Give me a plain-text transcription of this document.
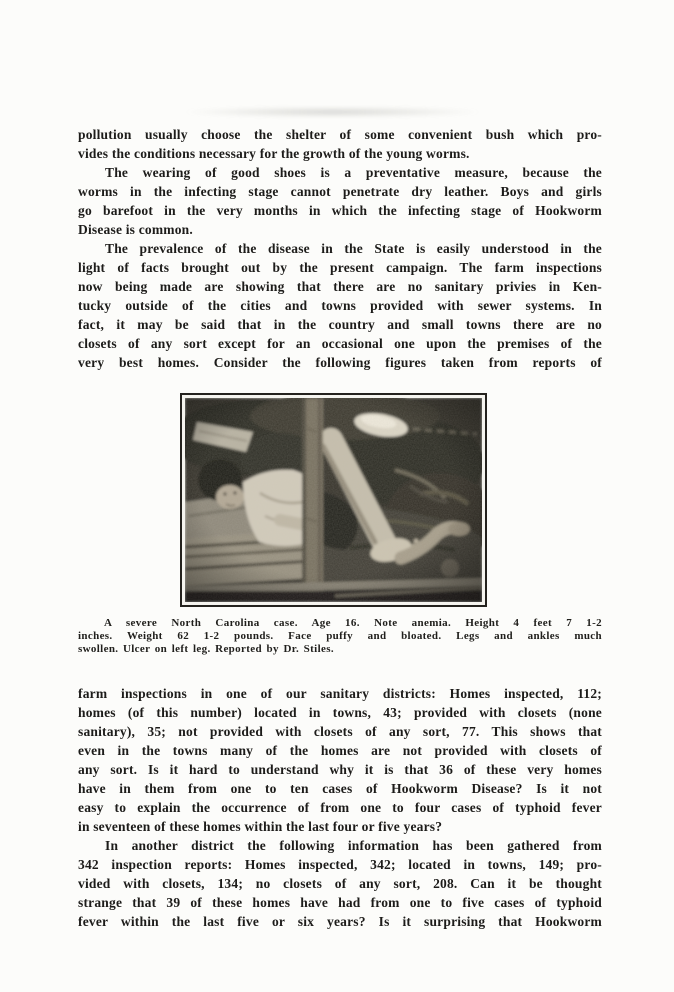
pollution usually choose the shelter of some convenient bush which pro-
vides the conditions necessary for the growth of the young worms.
The wearing of good shoes is a preventative measure, because the
worms in the infecting stage cannot penetrate dry leather. Boys and girls
go barefoot in the very months in which the infecting stage of Hookworm
Disease is common.
The prevalence of the disease in the State is easily understood in the
light of facts brought out by the present campaign. The farm inspections
now being made are showing that there are no sanitary privies in Ken-
tucky outside of the cities and towns provided with sewer systems. In
fact, it may be said that in the country and small towns there are no
closets of any sort except for an occasional one upon the premises of the
very best homes. Consider the following figures taken from reports of
A severe North Carolina case. Age 16. Note anemia. Height 4 feet 7 1-2
inches. Weight 62 1-2 pounds. Face puffy and bloated. Legs and ankles much
swollen. Ulcer on left leg. Reported by Dr. Stiles.
farm inspections in one of our sanitary districts: Homes inspected, 112;
homes (of this number) located in towns, 43; provided with closets (none
sanitary), 35; not provided with closets of any sort, 77. This shows that
even in the towns many of the homes are not provided with closets of
any sort. Is it hard to understand why it is that 36 of these very homes
have in them from one to ten cases of Hookworm Disease? Is it not
easy to explain the occurrence of from one to four cases of typhoid fever
in seventeen of these homes within the last four or five years?
In another district the following information has been gathered from
342 inspection reports: Homes inspected, 342; located in towns, 149; pro-
vided with closets, 134; no closets of any sort, 208. Can it be thought
strange that 39 of these homes have had from one to five cases of typhoid
fever within the last five or six years? Is it surprising that Hookworm
